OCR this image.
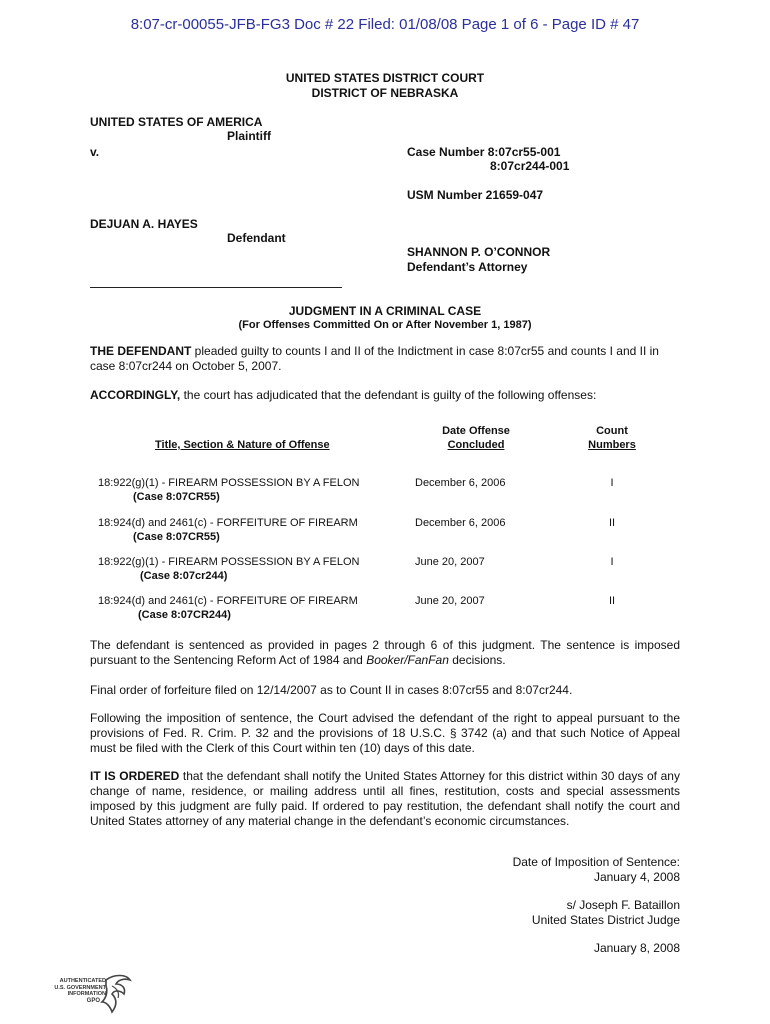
8:07-cr-00055-JFB-FG3 Doc # 22 Filed: 01/08/08 Page 1 of 6 - Page ID # 47
UNITED STATES DISTRICT COURT
DISTRICT OF NEBRASKA
UNITED STATES OF AMERICA
Plaintiff
v.	Case Number 8:07cr55-001
8:07cr244-001
USM Number 21659-047
DEJUAN A. HAYES
Defendant
SHANNON P. O’CONNOR
Defendant’s Attorney
JUDGMENT IN A CRIMINAL CASE
(For Offenses Committed On or After November 1, 1987)

THE DEFENDANT pleaded guilty to counts I and II of the Indictment in case 8:07cr55 and counts I and II in case 8:07cr244 on October 5, 2007.

ACCORDINGLY, the court has adjudicated that the defendant is guilty of the following offenses:

Title, Section & Nature of Offense
Date Offense
Concluded
Count
Numbers
18:922(g)(1) - FIREARM POSSESSION BY A FELON
(Case 8:07CR55)
December 6, 2006	I
18:924(d) and 2461(c) - FORFEITURE OF FIREARM
(Case 8:07CR55)
December 6, 2006	II
18:922(g)(1) - FIREARM POSSESSION BY A FELON
(Case 8:07cr244)
June 20, 2007	I
18:924(d) and 2461(c) - FORFEITURE OF FIREARM
(Case 8:07CR244)
June 20, 2007	II

The defendant is sentenced as provided in pages 2 through 6 of this judgment. The sentence is imposed pursuant to the Sentencing Reform Act of 1984 and Booker/FanFan decisions.

Final order of forfeiture filed on 12/14/2007 as to Count II in cases 8:07cr55 and 8:07cr244.

Following the imposition of sentence, the Court advised the defendant of the right to appeal pursuant to the provisions of Fed. R. Crim. P. 32 and the provisions of 18 U.S.C. § 3742 (a) and that such Notice of Appeal must be filed with the Clerk of this Court within ten (10) days of this date.

IT IS ORDERED that the defendant shall notify the United States Attorney for this district within 30 days of any change of name, residence, or mailing address until all fines, restitution, costs and special assessments imposed by this judgment are fully paid. If ordered to pay restitution, the defendant shall notify the court and United States attorney of any material change in the defendant’s economic circumstances.

Date of Imposition of Sentence:
January 4, 2008
s/ Joseph F. Bataillon
United States District Judge
January 8, 2008
AUTHENTICATED
U.S. GOVERNMENT
INFORMATION
GPO
